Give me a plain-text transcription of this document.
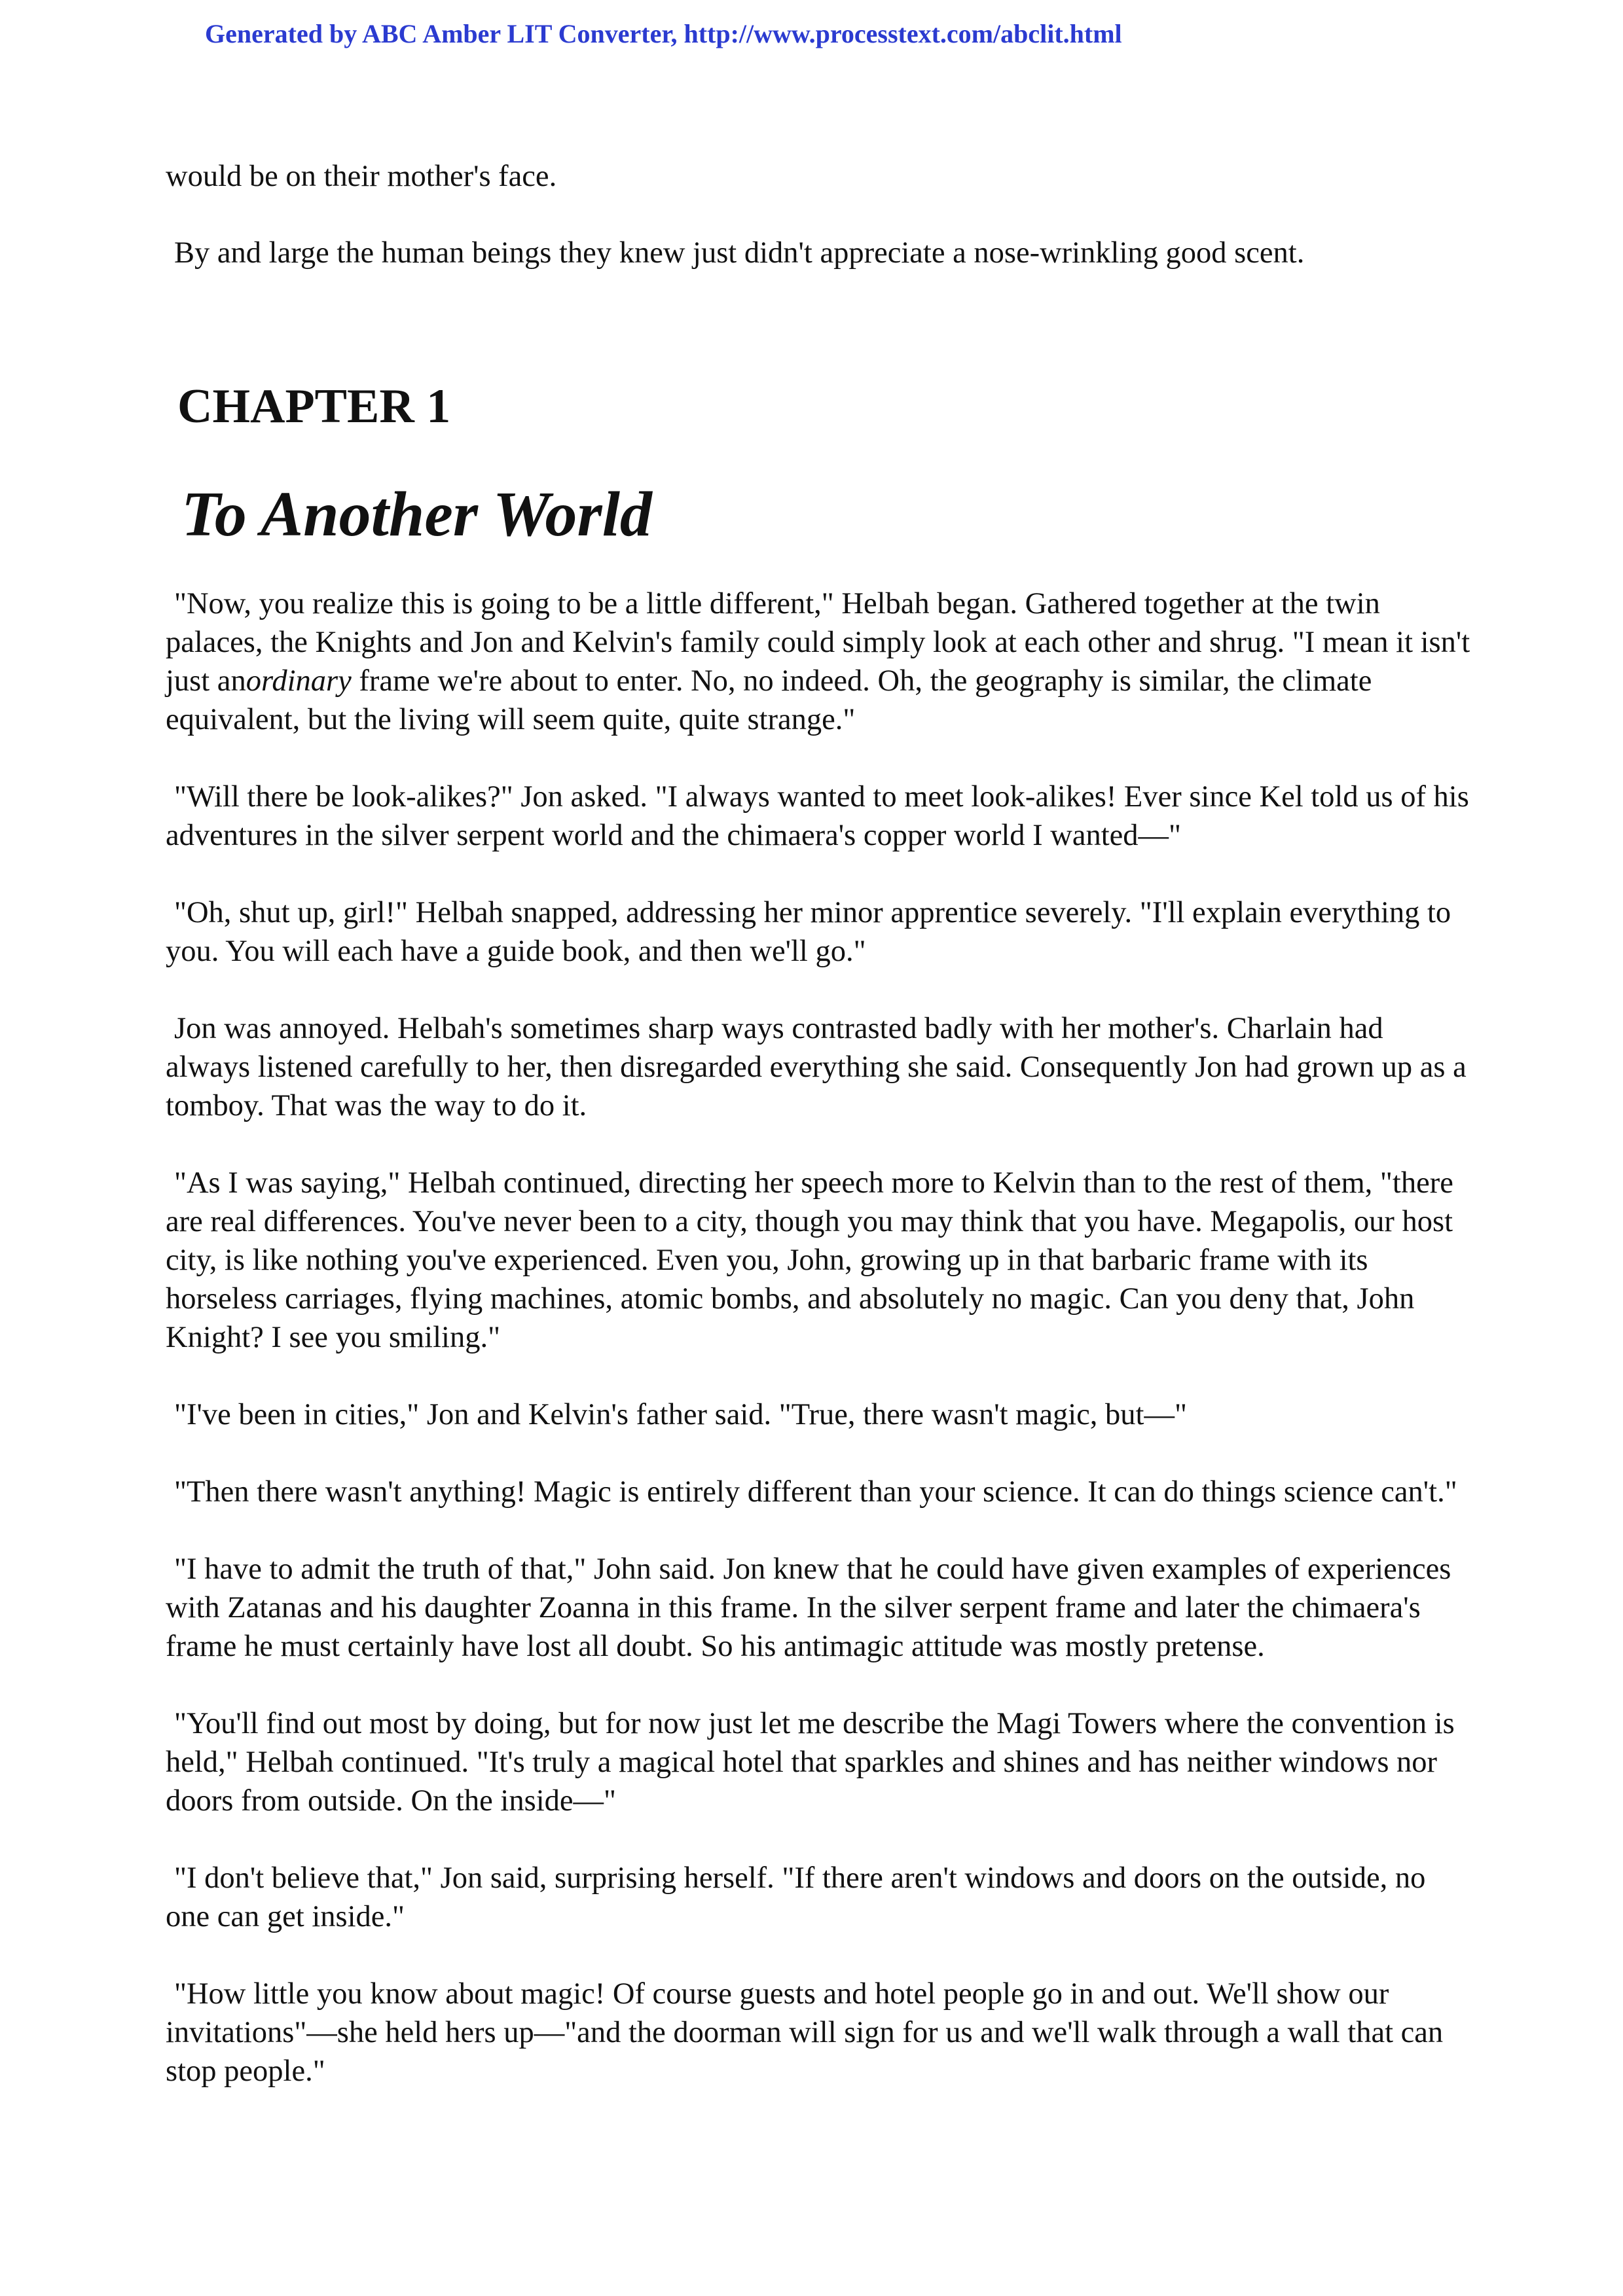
Generated by ABC Amber LIT Converter, http://www.processtext.com/abclit.html

would be on their mother's face.

By and large the human beings they knew just didn't appreciate a nose-wrinkling good scent.

CHAPTER 1
To Another World

"Now, you realize this is going to be a little different," Helbah began. Gathered together at the twin palaces, the Knights and Jon and Kelvin's family could simply look at each other and shrug. "I mean it isn't just anordinary frame we're about to enter. No, no indeed. Oh, the geography is similar, the climate equivalent, but the living will seem quite, quite strange."

"Will there be look-alikes?" Jon asked. "I always wanted to meet look-alikes! Ever since Kel told us of his adventures in the silver serpent world and the chimaera's copper world I wanted—"

"Oh, shut up, girl!" Helbah snapped, addressing her minor apprentice severely. "I'll explain everything to you. You will each have a guide book, and then we'll go."

Jon was annoyed. Helbah's sometimes sharp ways contrasted badly with her mother's. Charlain had always listened carefully to her, then disregarded everything she said. Consequently Jon had grown up as a tomboy. That was the way to do it.

"As I was saying," Helbah continued, directing her speech more to Kelvin than to the rest of them, "there are real differences. You've never been to a city, though you may think that you have. Megapolis, our host city, is like nothing you've experienced. Even you, John, growing up in that barbaric frame with its horseless carriages, flying machines, atomic bombs, and absolutely no magic. Can you deny that, John Knight? I see you smiling."

"I've been in cities," Jon and Kelvin's father said. "True, there wasn't magic, but—"

"Then there wasn't anything! Magic is entirely different than your science. It can do things science can't."

"I have to admit the truth of that," John said. Jon knew that he could have given examples of experiences with Zatanas and his daughter Zoanna in this frame. In the silver serpent frame and later the chimaera's frame he must certainly have lost all doubt. So his antimagic attitude was mostly pretense.

"You'll find out most by doing, but for now just let me describe the Magi Towers where the convention is held," Helbah continued. "It's truly a magical hotel that sparkles and shines and has neither windows nor doors from outside. On the inside—"

"I don't believe that," Jon said, surprising herself. "If there aren't windows and doors on the outside, no one can get inside."

"How little you know about magic! Of course guests and hotel people go in and out. We'll show our invitations"—she held hers up—"and the doorman will sign for us and we'll walk through a wall that can stop people."
